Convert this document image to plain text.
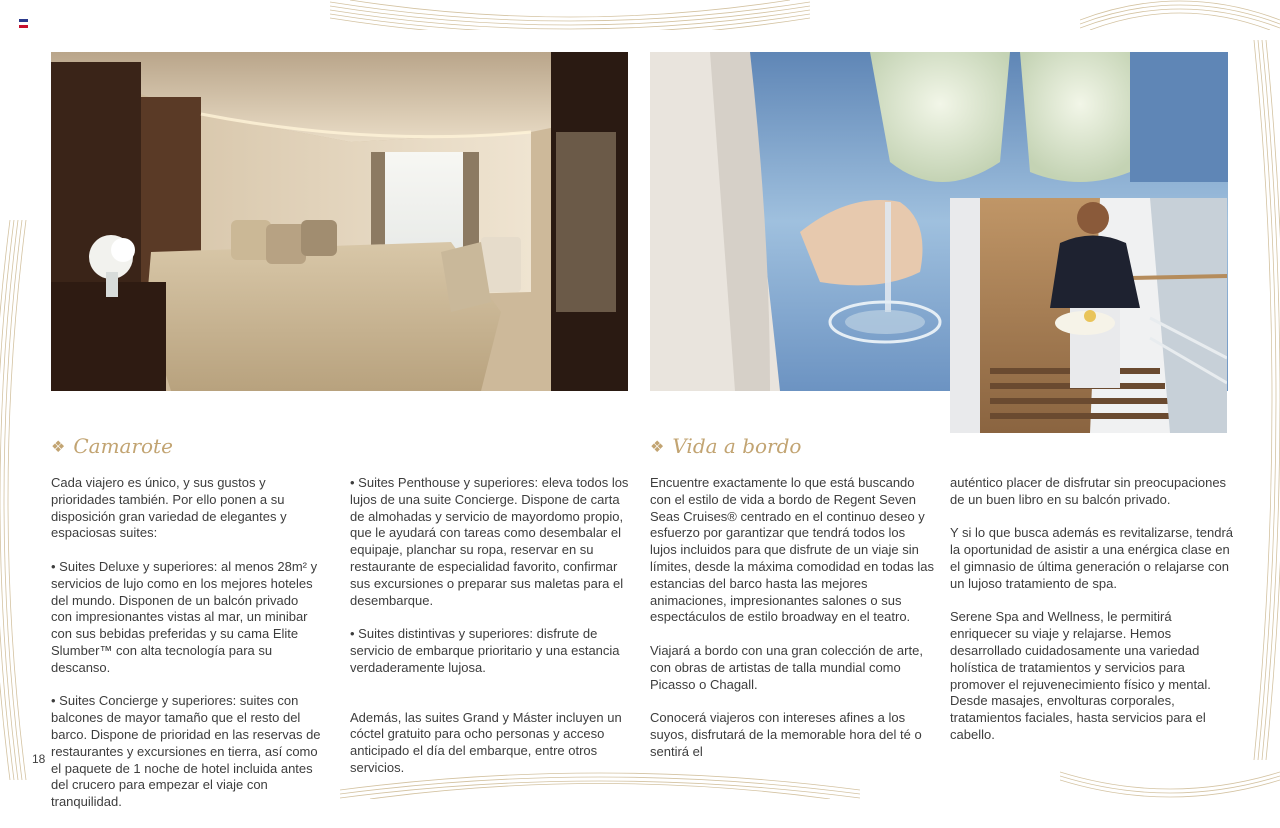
❖ Camarote	❖ Vida a bordo

Cada viajero es único, y sus gustos y prioridades también. Por ello ponen a su disposición gran variedad de elegantes y espaciosas suites:

• Suites Deluxe y superiores: al menos 28m² y servicios de lujo como en los mejores hoteles del mundo. Disponen de un balcón privado con impresionantes vistas al mar, un minibar con sus bebidas preferidas y su cama Elite Slumber™ con alta tecnología para su descanso.

• Suites Concierge y superiores: suites con balcones de mayor tamaño que el resto del barco. Dispone de prioridad en las reservas de restaurantes y excursiones en tierra, así como el paquete de 1 noche de hotel incluida antes del crucero para empezar el viaje con tranquilidad.

• Suites Penthouse y superiores: eleva todos los lujos de una suite Concierge. Dispone de carta de almohadas y servicio de mayordomo propio, que le ayudará con tareas como desembalar el equipaje, planchar su ropa, reservar en su restaurante de especialidad favorito, confirmar sus excursiones o preparar sus maletas para el desembarque.

• Suites distintivas y superiores: disfrute de servicio de embarque prioritario y una estancia verdaderamente lujosa.

Además, las suites Grand y Máster incluyen un cóctel gratuito para ocho personas y acceso anticipado el día del embarque, entre otros servicios.

Encuentre exactamente lo que está buscando con el estilo de vida a bordo de Regent Seven Seas Cruises® centrado en el continuo deseo y esfuerzo por garantizar que tendrá todos los lujos incluidos para que disfrute de un viaje sin límites, desde la máxima comodidad en todas las estancias del barco hasta las mejores animaciones, impresionantes salones o sus espectáculos de estilo broadway en el teatro.

Viajará a bordo con una gran colección de arte, con obras de artistas de talla mundial como Picasso o Chagall.

Conocerá viajeros con intereses afines a los suyos, disfrutará de la memorable hora del té o sentirá el

auténtico placer de disfrutar sin preocupaciones de un buen libro en su balcón privado.

Y si lo que busca además es revitalizarse, tendrá la oportunidad de asistir a una enérgica clase en el gimnasio de última generación o relajarse con un lujoso tratamiento de spa.

Serene Spa and Wellness, le permitirá enriquecer su viaje y relajarse. Hemos desarrollado cuidadosamente una variedad holística de tratamientos y servicios para promover el rejuvenecimiento físico y mental. Desde masajes, envolturas corporales, tratamientos faciales, hasta servicios para el cabello.

18
